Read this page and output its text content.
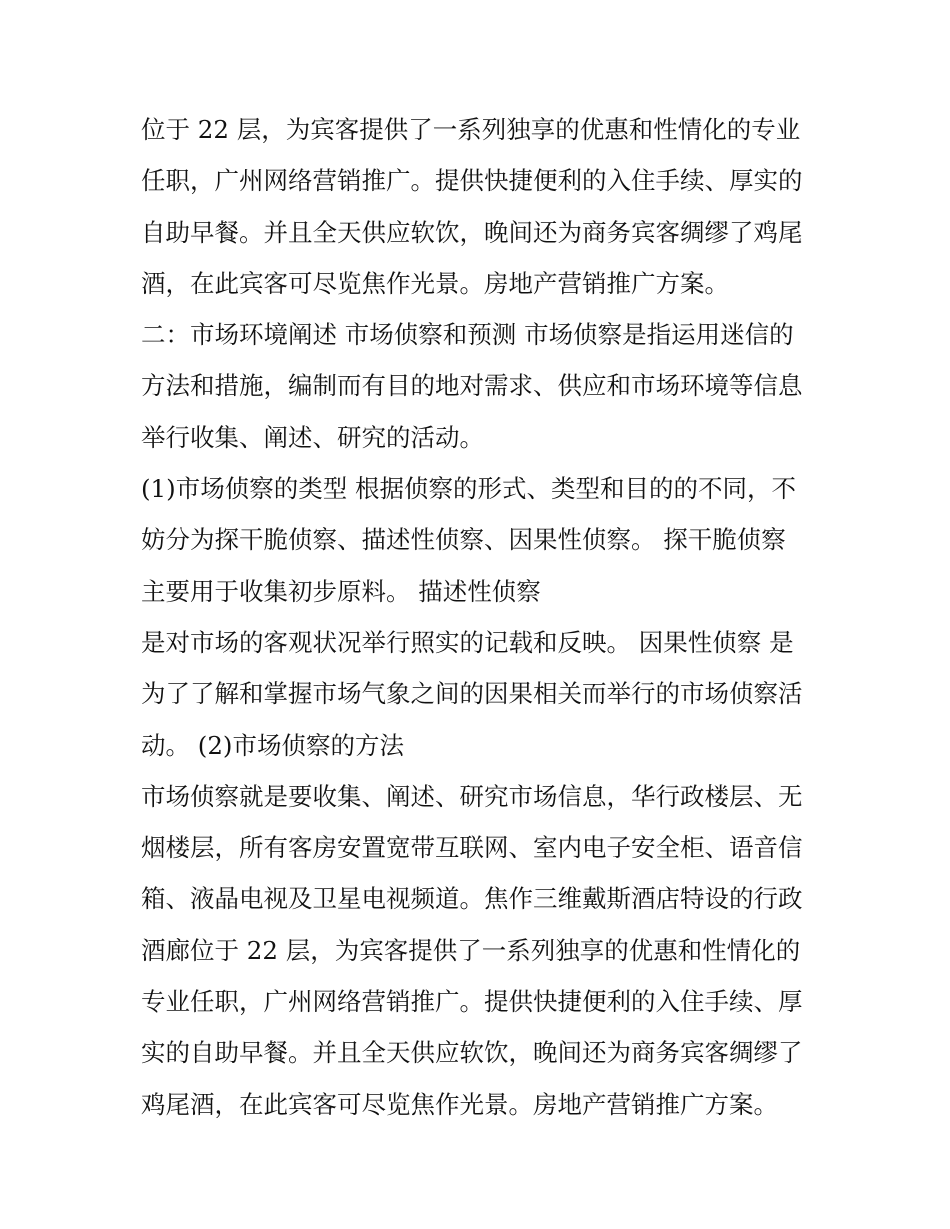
位于 22 层，为宾客提供了一系列独享的优惠和性情化的专业
任职，广州网络营销推广。提供快捷便利的入住手续、厚实的
自助早餐。并且全天供应软饮，晚间还为商务宾客绸缪了鸡尾
酒，在此宾客可尽览焦作光景。房地产营销推广方案。
二：市场环境阐述 市场侦察和预测 市场侦察是指运用迷信的
方法和措施，编制而有目的地对需求、供应和市场环境等信息
举行收集、阐述、研究的活动。
(1)市场侦察的类型 根据侦察的形式、类型和目的的不同，不
妨分为探干脆侦察、描述性侦察、因果性侦察。 探干脆侦察
主要用于收集初步原料。 描述性侦察
是对市场的客观状况举行照实的记载和反映。 因果性侦察 是
为了了解和掌握市场气象之间的因果相关而举行的市场侦察活
动。 (2)市场侦察的方法
市场侦察就是要收集、阐述、研究市场信息，华行政楼层、无
烟楼层，所有客房安置宽带互联网、室内电子安全柜、语音信
箱、液晶电视及卫星电视频道。焦作三维戴斯酒店特设的行政
酒廊位于 22 层，为宾客提供了一系列独享的优惠和性情化的
专业任职，广州网络营销推广。提供快捷便利的入住手续、厚
实的自助早餐。并且全天供应软饮，晚间还为商务宾客绸缪了
鸡尾酒，在此宾客可尽览焦作光景。房地产营销推广方案。
